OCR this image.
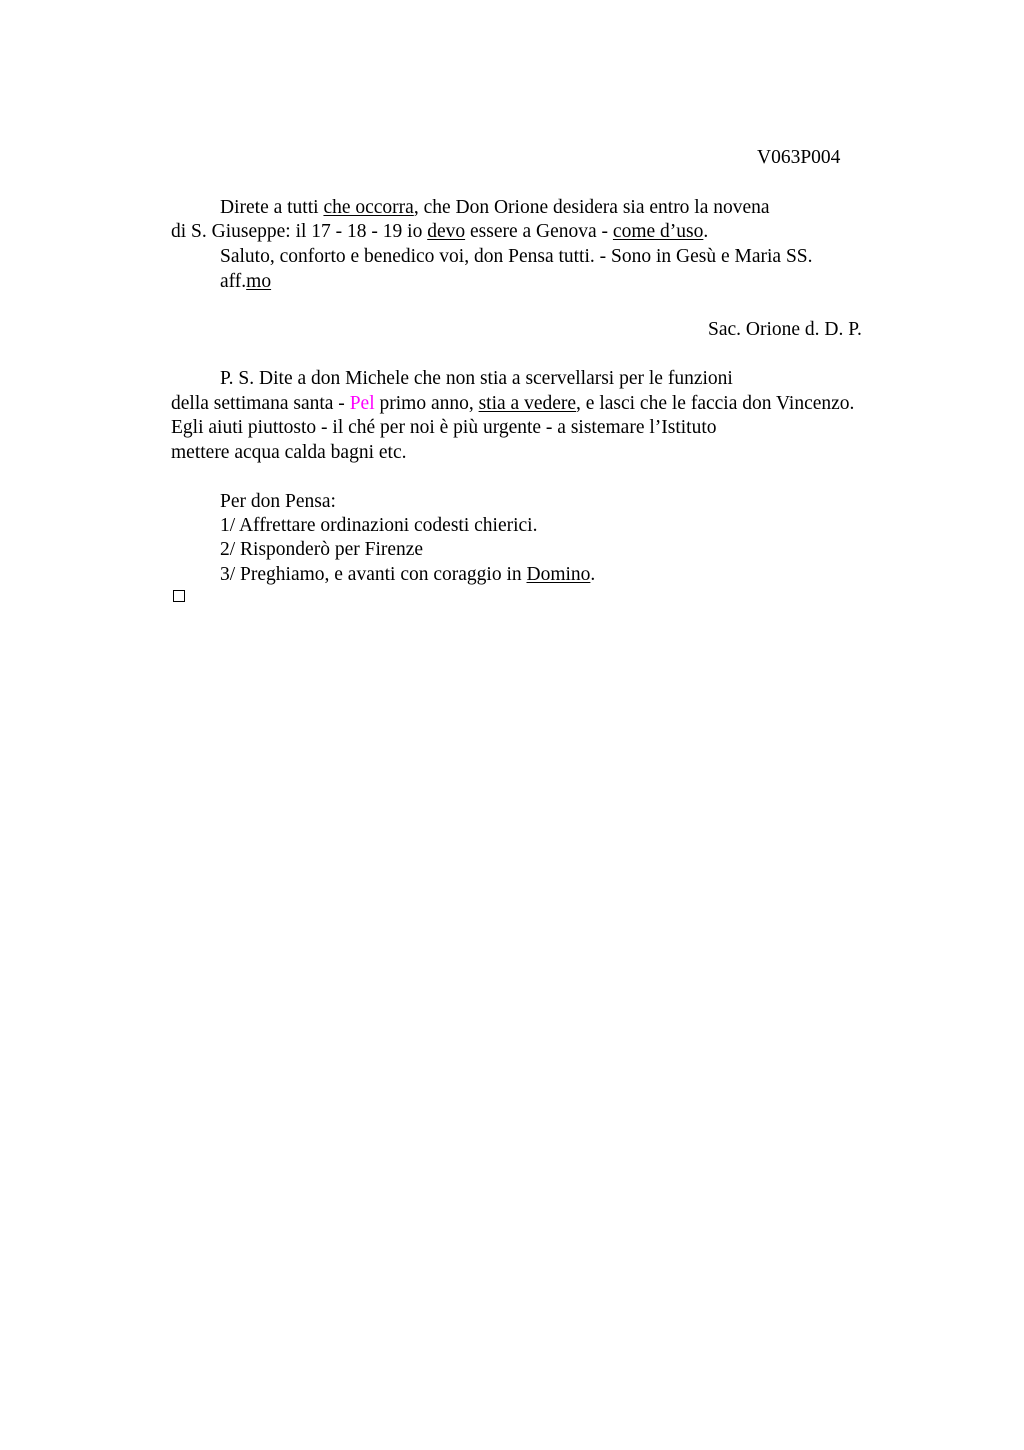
V063P004
Direte a tutti che occorra, che Don Orione desidera sia entro la novena
di S. Giuseppe: il 17 - 18 - 19 io devo essere a Genova - come d’uso.
Saluto, conforto e benedico voi, don Pensa tutti. - Sono in Gesù e Maria SS.
aff.mo
Sac. Orione d. D. P.
P. S. Dite a don Michele che non stia a scervellarsi per le funzioni
della settimana santa - Pel primo anno, stia a vedere, e lasci che le faccia don Vincenzo.
Egli aiuti piuttosto - il ché per noi è più urgente - a sistemare l’Istituto
mettere acqua calda bagni etc.
Per don Pensa:
1/ Affrettare ordinazioni codesti chierici.
2/ Risponderò per Firenze
3/ Preghiamo, e avanti con coraggio in Domino.
